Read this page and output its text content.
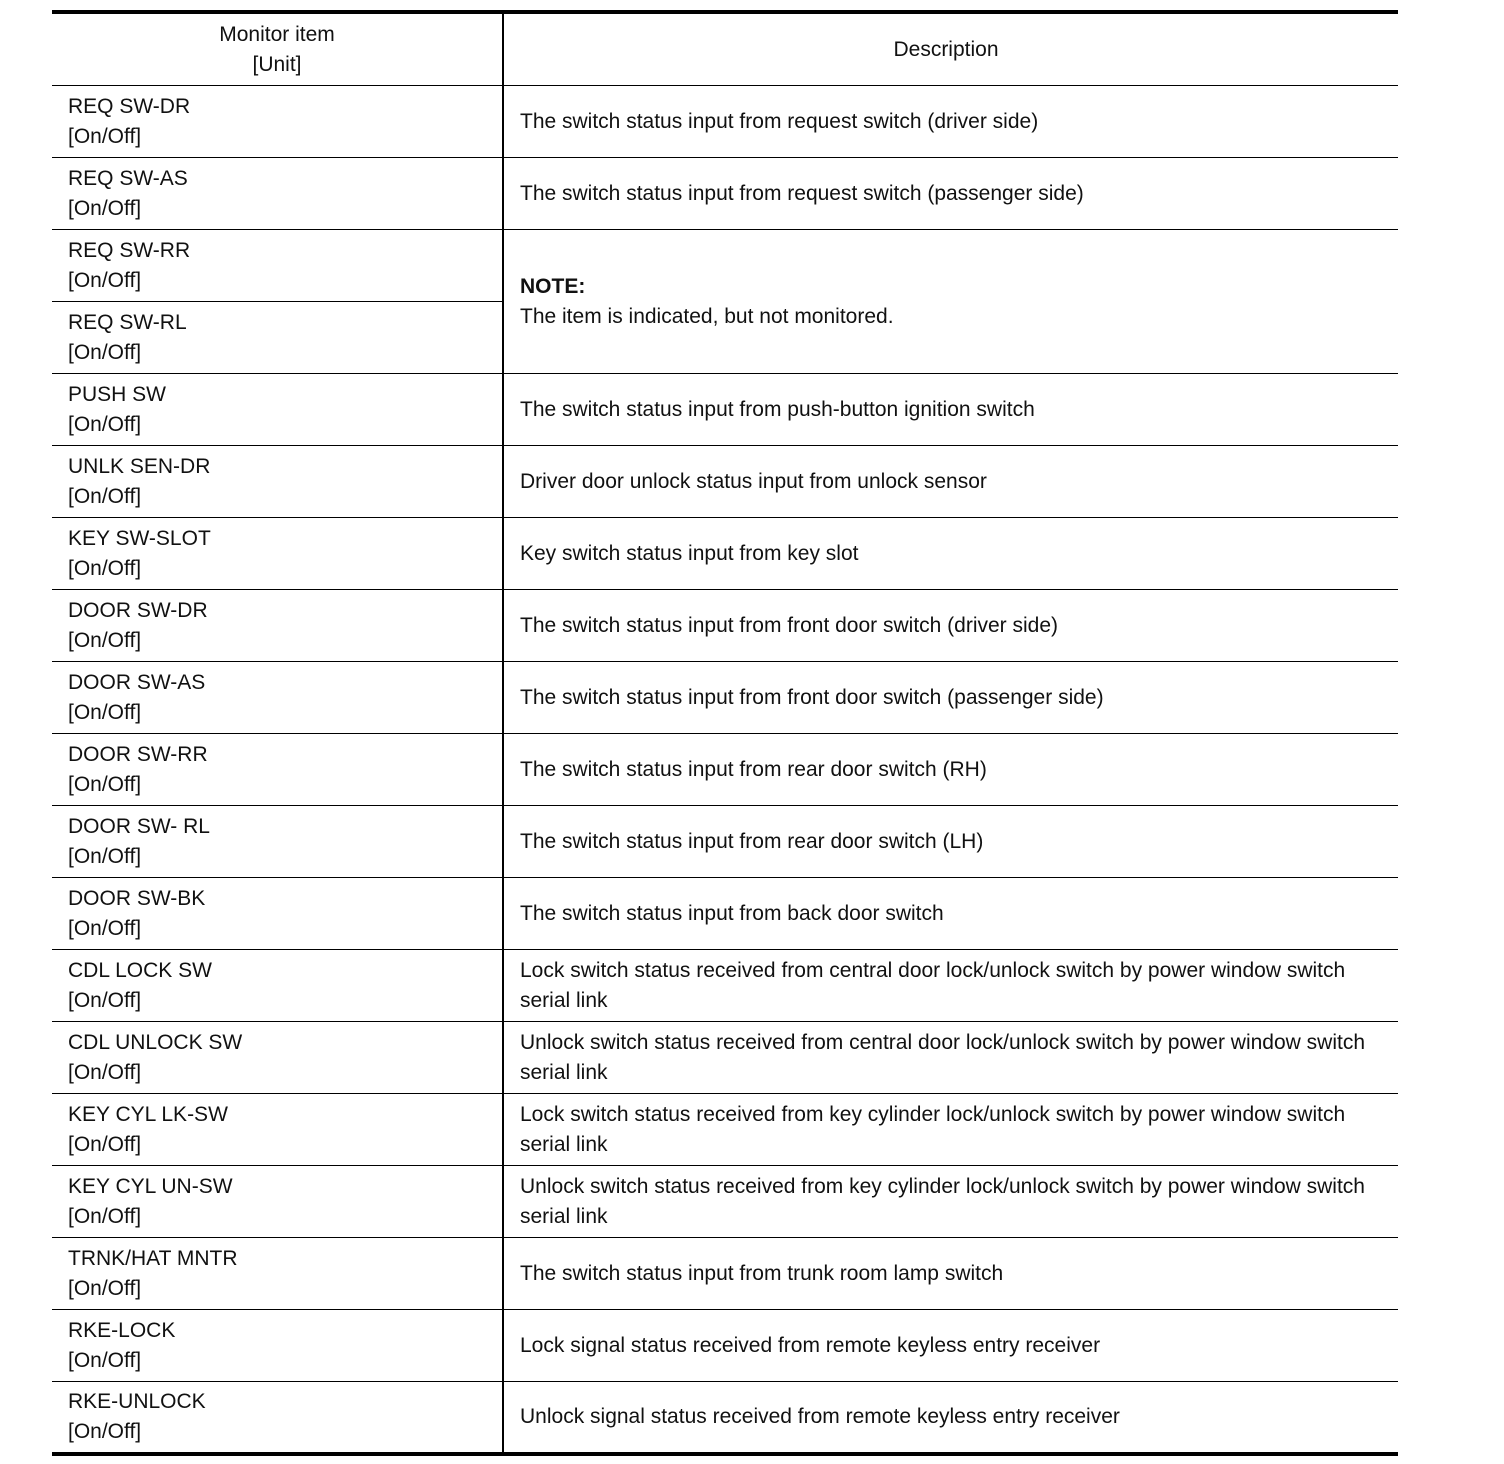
Monitor item
[Unit]	Description

REQ SW-DR
[On/Off]	The switch status input from request switch (driver side)

REQ SW-AS
[On/Off]	The switch status input from request switch (passenger side)

REQ SW-RR
[On/Off]	NOTE:
The item is indicated, but not monitored.

REQ SW-RL
[On/Off]	

PUSH SW
[On/Off]	The switch status input from push-button ignition switch

UNLK SEN-DR
[On/Off]	Driver door unlock status input from unlock sensor

KEY SW-SLOT
[On/Off]	Key switch status input from key slot

DOOR SW-DR
[On/Off]	The switch status input from front door switch (driver side)

DOOR SW-AS
[On/Off]	The switch status input from front door switch (passenger side)

DOOR SW-RR
[On/Off]	The switch status input from rear door switch (RH)

DOOR SW- RL
[On/Off]	The switch status input from rear door switch (LH)

DOOR SW-BK
[On/Off]	The switch status input from back door switch

CDL LOCK SW
[On/Off]	Lock switch status received from central door lock/unlock switch by power window switch serial link

CDL UNLOCK SW
[On/Off]	Unlock switch status received from central door lock/unlock switch by power window switch serial link

KEY CYL LK-SW
[On/Off]	Lock switch status received from key cylinder lock/unlock switch by power window switch serial link

KEY CYL UN-SW
[On/Off]	Unlock switch status received from key cylinder lock/unlock switch by power window switch serial link

TRNK/HAT MNTR
[On/Off]	The switch status input from trunk room lamp switch

RKE-LOCK
[On/Off]	Lock signal status received from remote keyless entry receiver

RKE-UNLOCK
[On/Off]	Unlock signal status received from remote keyless entry receiver
